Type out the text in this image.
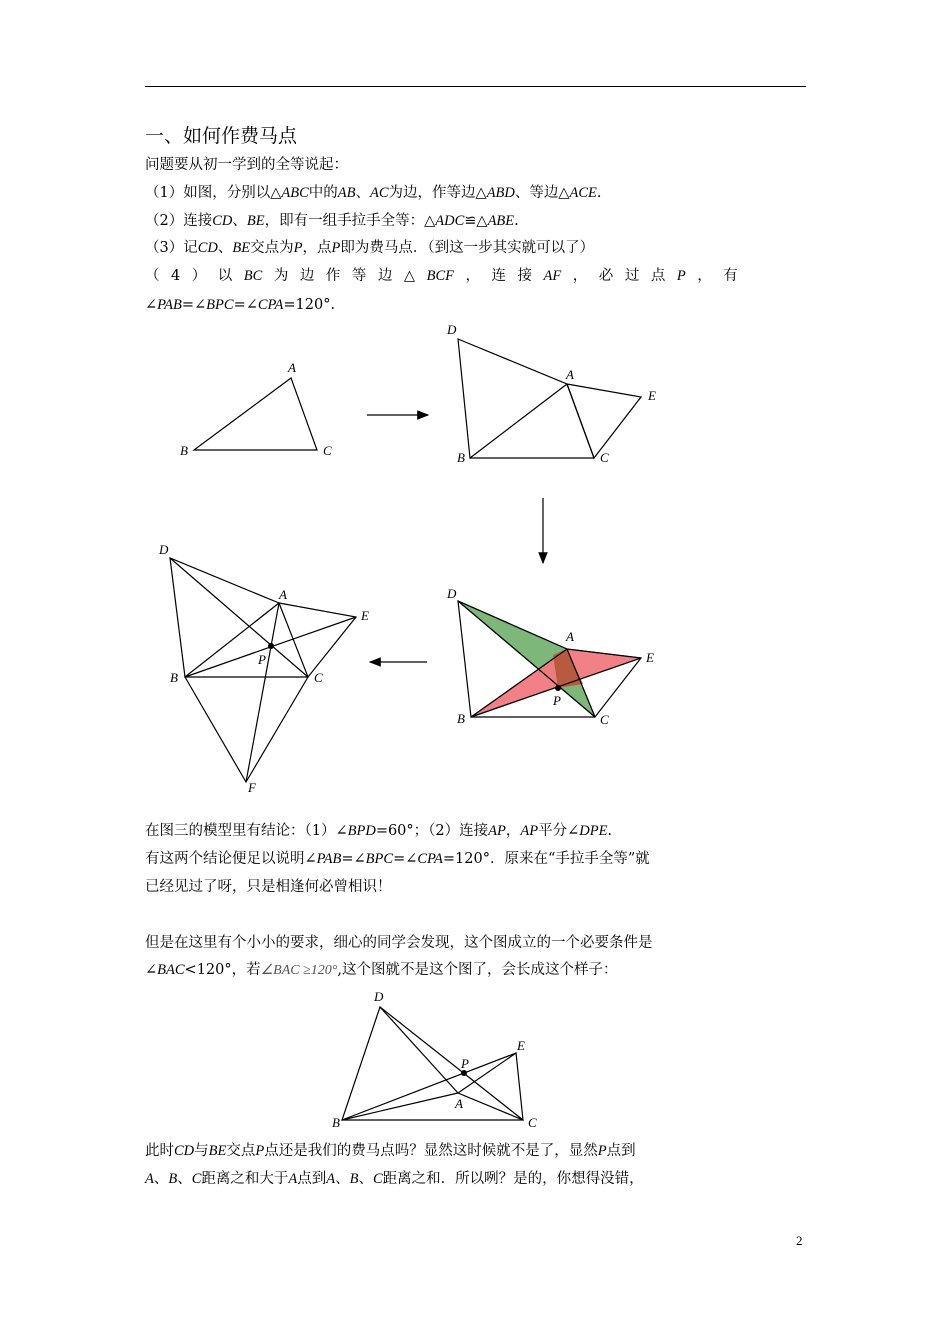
一、如何作费马点
问题要从初一学到的全等说起：
（1）如图，分别以△ABC中的AB、AC为边，作等边△ABD、等边△ACE.
（2）连接CD、BE，即有一组手拉手全等：△ADC≌△ABE.
（3）记CD、BE交点为P，点P即为费马点．（到这一步其实就可以了）
（ 4 ） 以 BC 为 边 作 等 边 △ BCF ， 连 接 AF ， 必 过 点 P ， 有
∠PAB=∠BPC=∠CPA=120°.
A
B	C
D
A
E
B	C
D
A
E
B
P
C
D
A
E
P
B	C
F
D
P
E
A
B	C
在图三的模型里有结论：（1）∠BPD=60°；（2）连接AP，AP平分∠DPE.
有这两个结论便足以说明∠PAB=∠BPC=∠CPA=120°．原来在“手拉手全等”就
已经见过了呀，只是相逢何必曾相识！
但是在这里有个小小的要求，细心的同学会发现，这个图成立的一个必要条件是
∠BAC<120°，若∠BAC ≥120°,这个图就不是这个图了，会长成这个样子：
此时CD与BE交点P点还是我们的费马点吗？显然这时候就不是了，显然P点到
A、B、C距离之和大于A点到A、B、C距离之和．所以咧？是的，你想得没错，
2
